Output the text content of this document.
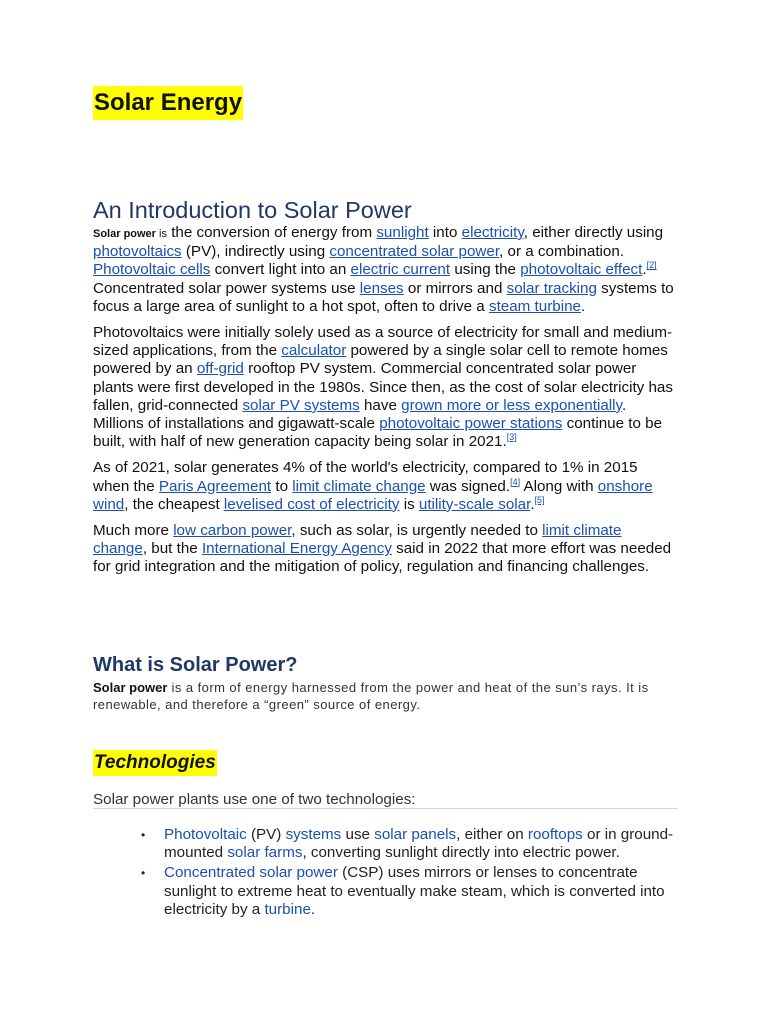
Solar Energy
An Introduction to Solar Power

Solar power is the conversion of energy from sunlight into electricity, either directly using photovoltaics (PV), indirectly using concentrated solar power, or a combination. Photovoltaic cells convert light into an electric current using the photovoltaic effect.[2] Concentrated solar power systems use lenses or mirrors and solar tracking systems to focus a large area of sunlight to a hot spot, often to drive a steam turbine.

Photovoltaics were initially solely used as a source of electricity for small and medium-sized applications, from the calculator powered by a single solar cell to remote homes powered by an off-grid rooftop PV system. Commercial concentrated solar power plants were first developed in the 1980s. Since then, as the cost of solar electricity has fallen, grid-connected solar PV systems have grown more or less exponentially. Millions of installations and gigawatt-scale photovoltaic power stations continue to be built, with half of new generation capacity being solar in 2021.[3]

As of 2021, solar generates 4% of the world's electricity, compared to 1% in 2015 when the Paris Agreement to limit climate change was signed.[4] Along with onshore wind, the cheapest levelised cost of electricity is utility-scale solar.[5]

Much more low carbon power, such as solar, is urgently needed to limit climate change, but the International Energy Agency said in 2022 that more effort was needed for grid integration and the mitigation of policy, regulation and financing challenges.

What is Solar Power?
Solar power is a form of energy harnessed from the power and heat of the sun’s rays. It is renewable, and therefore a “green” source of energy.
Technologies
Solar power plants use one of two technologies:
• Photovoltaic (PV) systems use solar panels, either on rooftops or in ground-mounted solar farms, converting sunlight directly into electric power.
• Concentrated solar power (CSP) uses mirrors or lenses to concentrate sunlight to extreme heat to eventually make steam, which is converted into electricity by a turbine.
